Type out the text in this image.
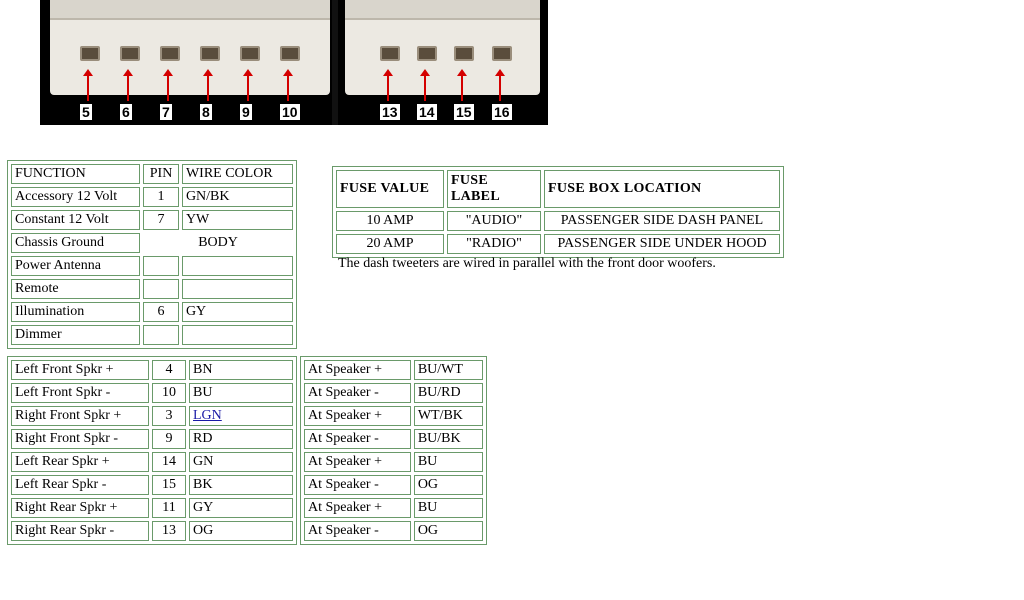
5 6 7 8 9 10	13 14 15 16
FUNCTION	PIN	WIRE COLOR
Accessory 12 Volt	1	GN/BK
Constant 12 Volt	7	YW
Chassis Ground	BODY	
Power Antenna		
Remote		
Illumination	6	GY
Dimmer		
FUSE VALUE	FUSE LABEL	FUSE BOX LOCATION
10 AMP	"AUDIO"	PASSENGER SIDE DASH PANEL
20 AMP	"RADIO"	PASSENGER SIDE UNDER HOOD
The dash tweeters are wired in parallel with the front door woofers.
Left Front Spkr +	4	BN
Left Front Spkr -	10	BU
Right Front Spkr +	3	LGN
Right Front Spkr -	9	RD
Left Rear Spkr +	14	GN
Left Rear Spkr -	15	BK
Right Rear Spkr +	11	GY
Right Rear Spkr -	13	OG
At Speaker +	BU/WT
At Speaker -	BU/RD
At Speaker +	WT/BK
At Speaker -	BU/BK
At Speaker +	BU
At Speaker -	OG
At Speaker +	BU
At Speaker -	OG
